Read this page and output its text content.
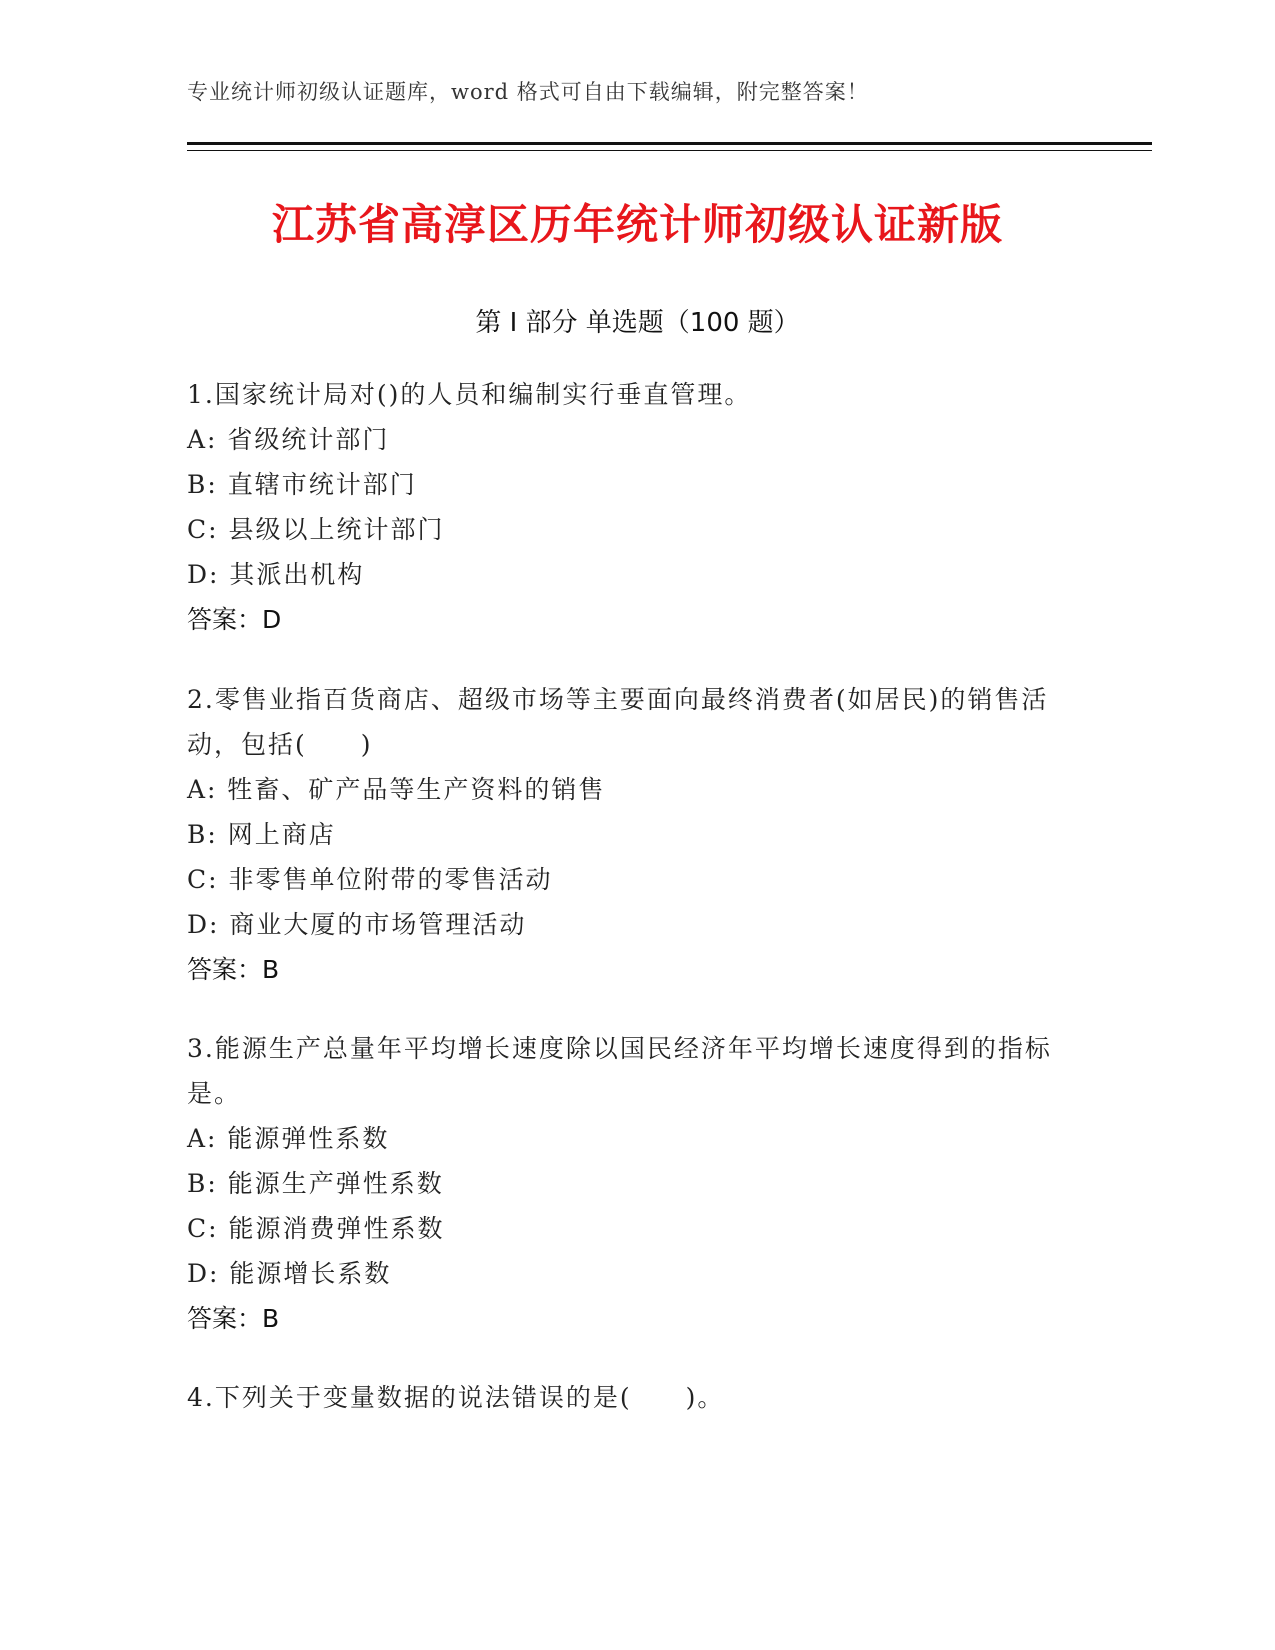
专业统计师初级认证题库，word 格式可自由下载编辑，附完整答案！
江苏省高淳区历年统计师初级认证新版
第 I 部分 单选题（100 题）
1.国家统计局对()的人员和编制实行垂直管理。
A: 省级统计部门
B: 直辖市统计部门
C: 县级以上统计部门
D: 其派出机构
答案：D
2.零售业指百货商店、超级市场等主要面向最终消费者(如居民)的销售活动，包括(　　)
A: 牲畜、矿产品等生产资料的销售
B: 网上商店
C: 非零售单位附带的零售活动
D: 商业大厦的市场管理活动
答案：B
3.能源生产总量年平均增长速度除以国民经济年平均增长速度得到的指标是。
A: 能源弹性系数
B: 能源生产弹性系数
C: 能源消费弹性系数
D: 能源增长系数
答案：B
4.下列关于变量数据的说法错误的是(　　)。
